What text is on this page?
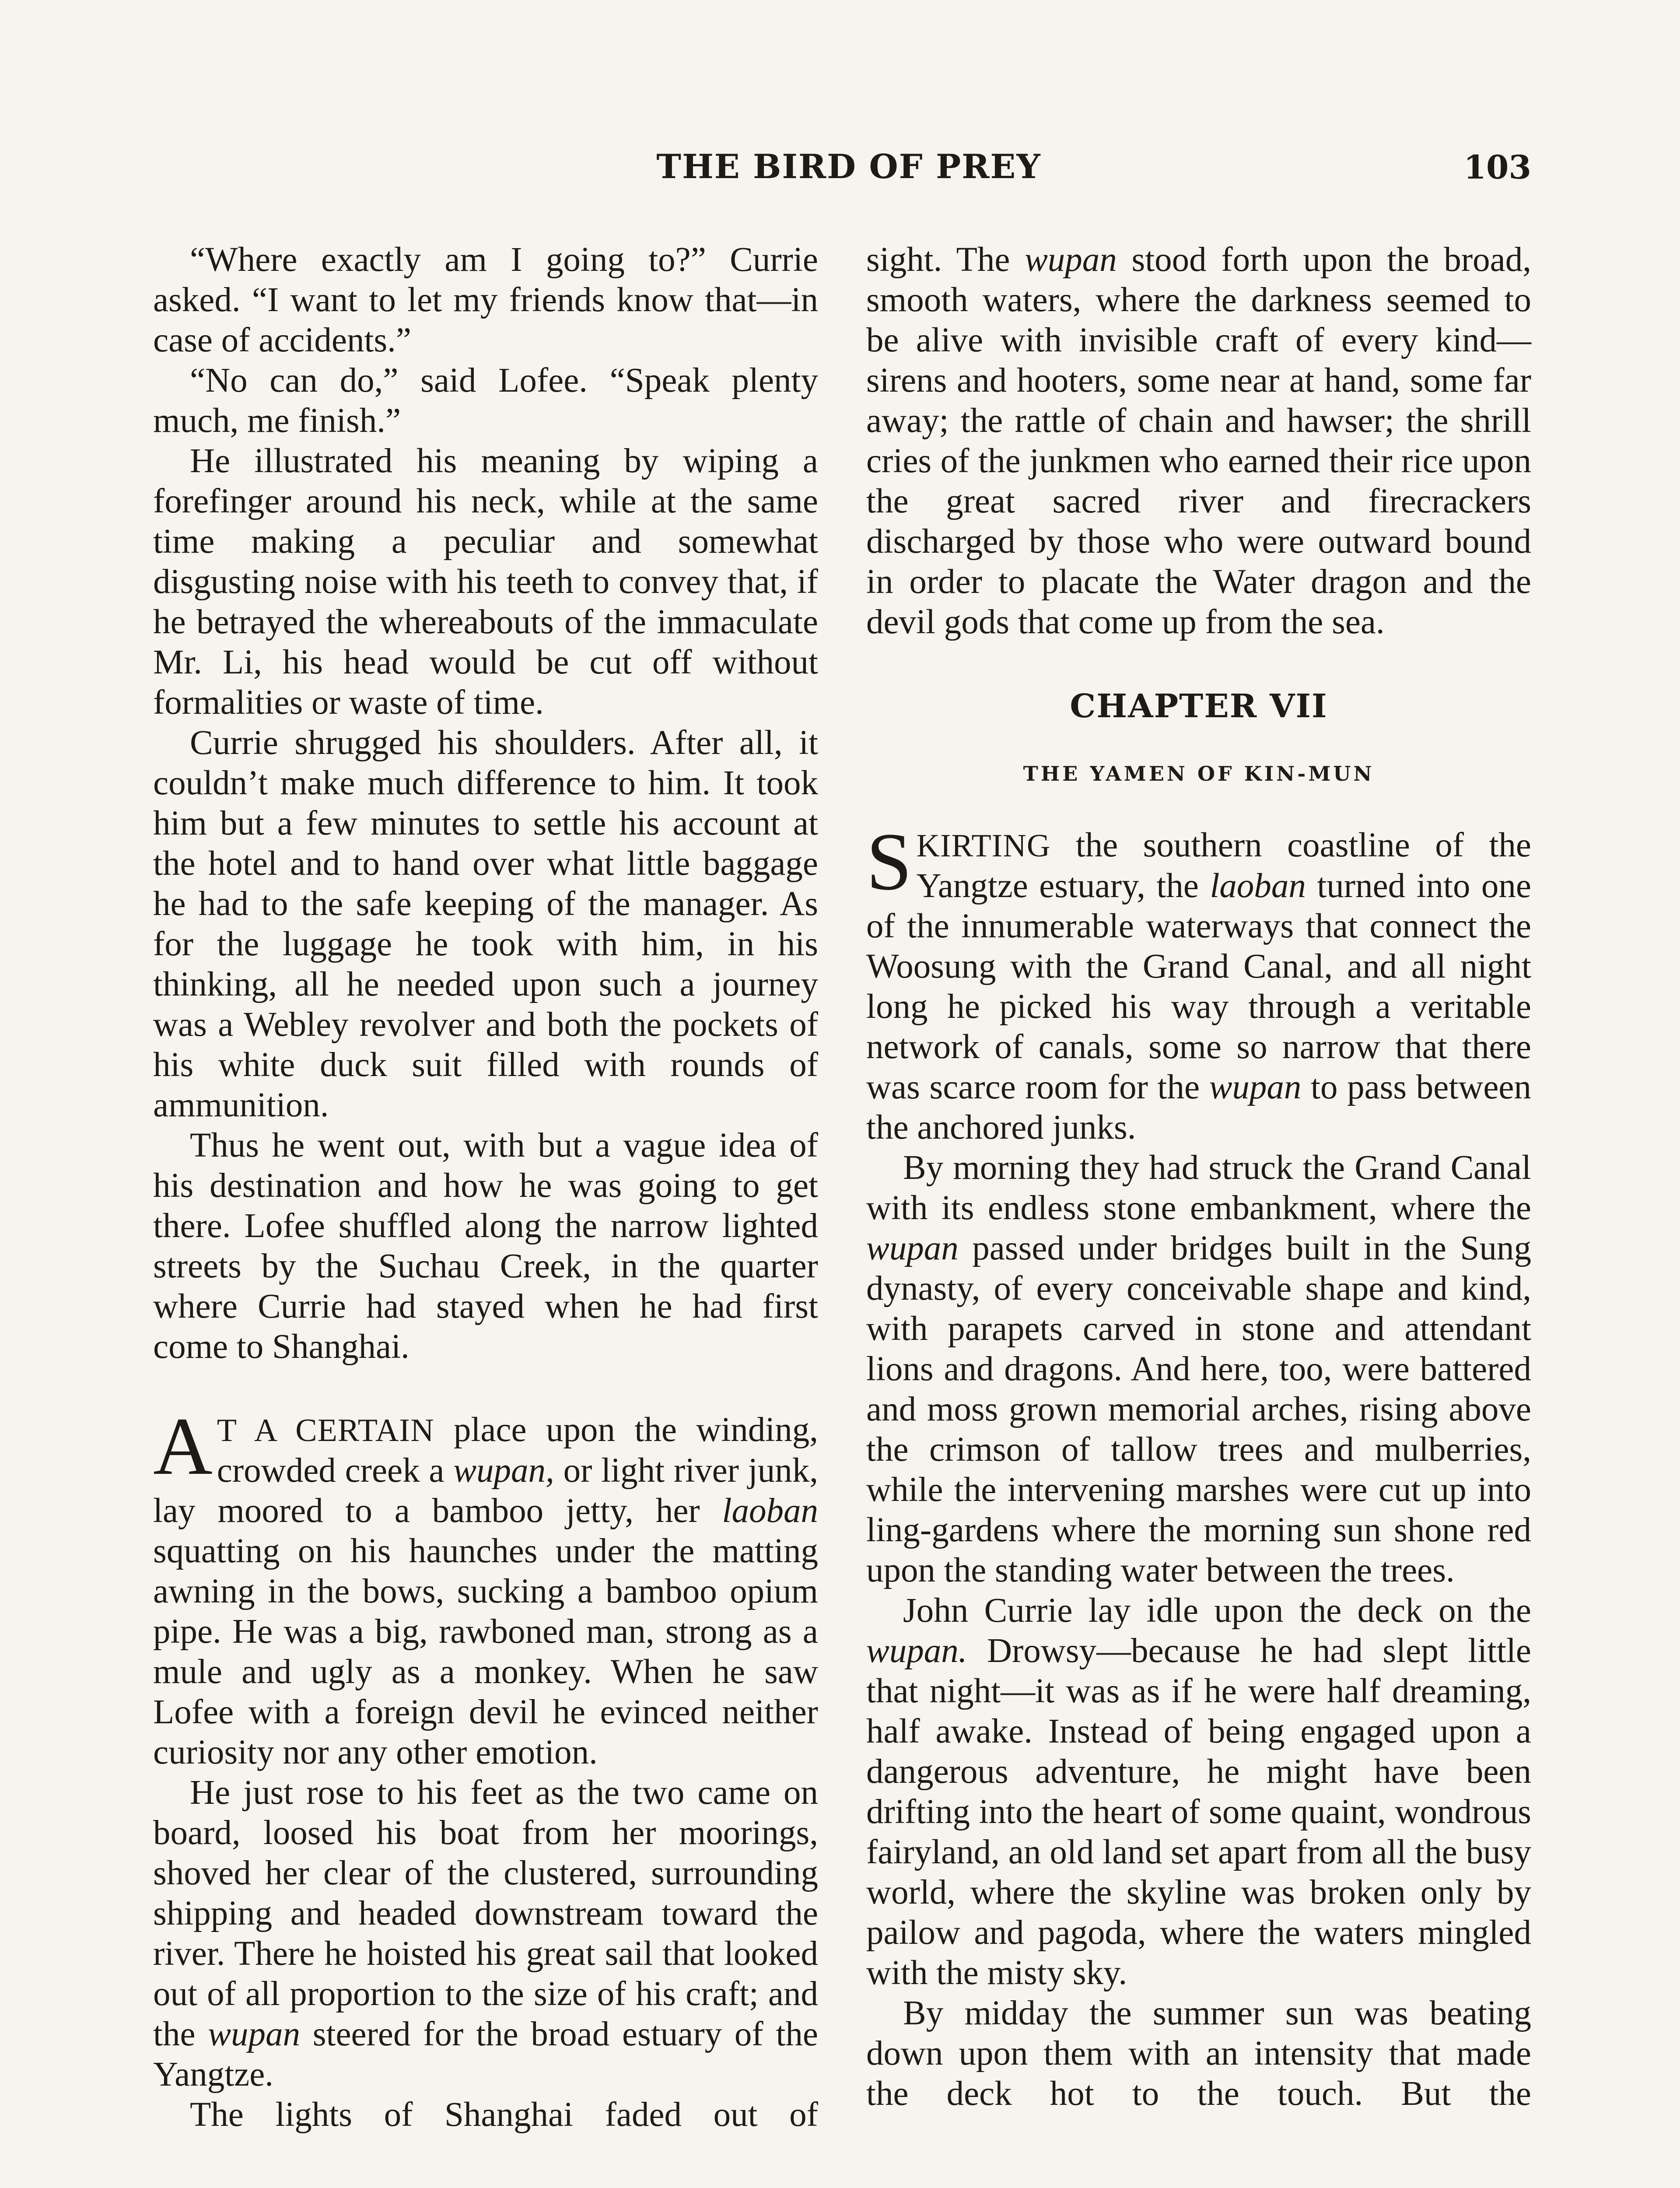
THE BIRD OF PREY	103

“Where exactly am I going to?” Currie asked. “I want to let my friends know that—in case of accidents.”

“No can do,” said Lofee. “Speak plenty much, me finish.”

He illustrated his meaning by wiping a forefinger around his neck, while at the same time making a peculiar and somewhat disgusting noise with his teeth to convey that, if he betrayed the whereabouts of the immaculate Mr. Li, his head would be cut off without formalities or waste of time.

Currie shrugged his shoulders. After all, it couldn’t make much difference to him. It took him but a few minutes to settle his account at the hotel and to hand over what little baggage he had to the safe keeping of the manager. As for the luggage he took with him, in his thinking, all he needed upon such a journey was a Webley revolver and both the pockets of his white duck suit filled with rounds of ammunition.

Thus he went out, with but a vague idea of his destination and how he was going to get there. Lofee shuffled along the narrow lighted streets by the Suchau Creek, in the quarter where Currie had stayed when he had first come to Shanghai.

AT A CERTAIN place upon the winding, crowded creek a wupan, or light river junk, lay moored to a bamboo jetty, her laoban squatting on his haunches under the matting awning in the bows, sucking a bamboo opium pipe. He was a big, rawboned man, strong as a mule and ugly as a monkey. When he saw Lofee with a foreign devil he evinced neither curiosity nor any other emotion.

He just rose to his feet as the two came on board, loosed his boat from her moorings, shoved her clear of the clustered, surrounding shipping and headed downstream toward the river. There he hoisted his great sail that looked out of all proportion to the size of his craft; and the wupan steered for the broad estuary of the Yangtze.

The lights of Shanghai faded out of

sight. The wupan stood forth upon the broad, smooth waters, where the darkness seemed to be alive with invisible craft of every kind—sirens and hooters, some near at hand, some far away; the rattle of chain and hawser; the shrill cries of the junkmen who earned their rice upon the great sacred river and firecrackers discharged by those who were outward bound in order to placate the Water dragon and the devil gods that come up from the sea.

CHAPTER VII
THE YAMEN OF KIN-MUN

SKIRTING the southern coastline of the Yangtze estuary, the laoban turned into one of the innumerable waterways that connect the Woosung with the Grand Canal, and all night long he picked his way through a veritable network of canals, some so narrow that there was scarce room for the wupan to pass between the anchored junks.

By morning they had struck the Grand Canal with its endless stone embankment, where the wupan passed under bridges built in the Sung dynasty, of every conceivable shape and kind, with parapets carved in stone and attendant lions and dragons. And here, too, were battered and moss grown memorial arches, rising above the crimson of tallow trees and mulberries, while the intervening marshes were cut up into ling-gardens where the morning sun shone red upon the standing water between the trees.

John Currie lay idle upon the deck on the wupan. Drowsy—because he had slept little that night—it was as if he were half dreaming, half awake. Instead of being engaged upon a dangerous adventure, he might have been drifting into the heart of some quaint, wondrous fairyland, an old land set apart from all the busy world, where the skyline was broken only by pailow and pagoda, where the waters mingled with the misty sky.

By midday the summer sun was beating down upon them with an intensity that made the deck hot to the touch. But the
